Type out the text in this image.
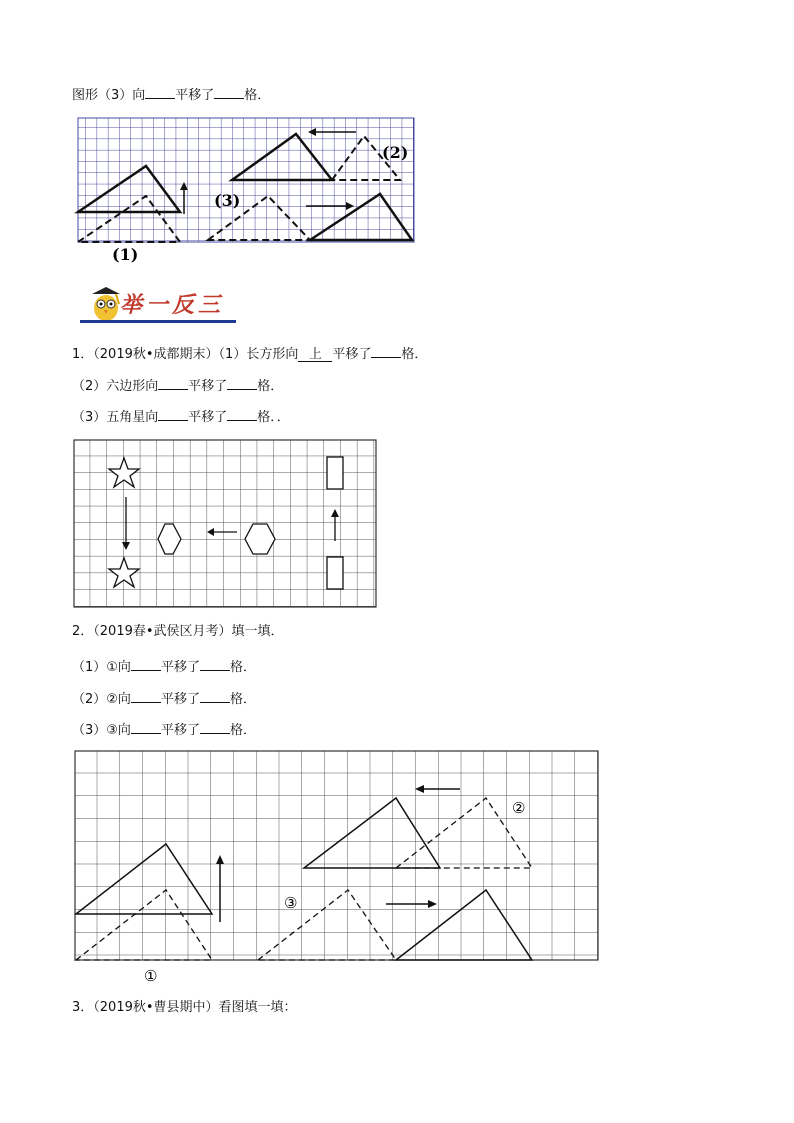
图形（3）向 平移了 格．
(1)
(2)
(3)
举一反三
1．（2019秋•成都期末）（1）长方形向 上 平移了 格．
（2）六边形向 平移了 格．
（3）五角星向 平移了 格．．
2．（2019春•武侯区月考）填一填．
（1）①向 平移了 格．
（2）②向 平移了 格．
（3）③向 平移了 格．
①
②
③
3．（2019秋•曹县期中）看图填一填：
